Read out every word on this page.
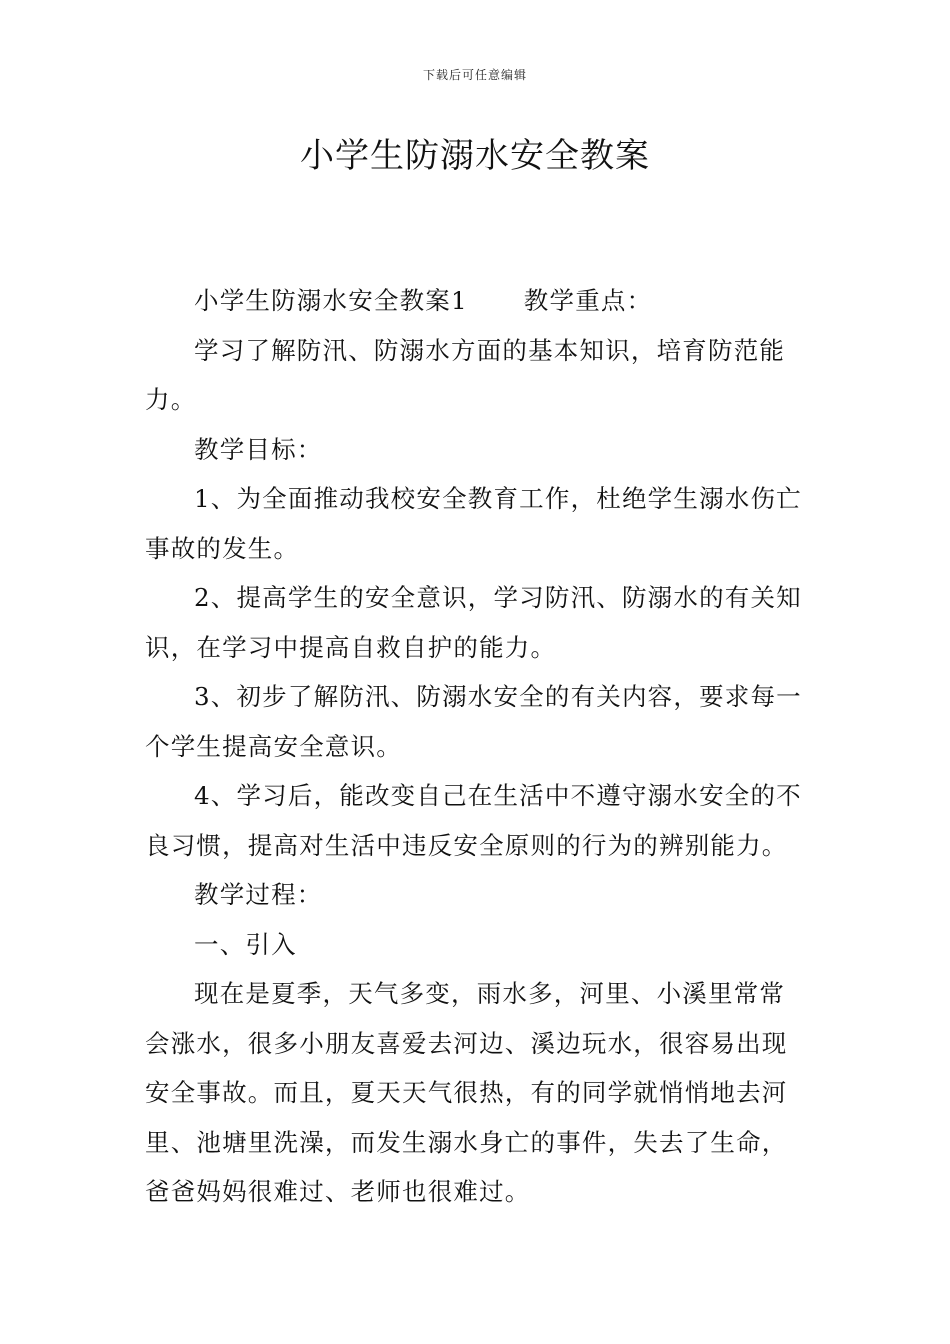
下载后可任意编辑
小学生防溺水安全教案

小学生防溺水安全教案1 教学重点：

学习了解防汛、防溺水方面的基本知识，培育防范能力。

教学目标：

1、为全面推动我校安全教育工作，杜绝学生溺水伤亡事故的发生。

2、提高学生的安全意识，学习防汛、防溺水的有关知识，在学习中提高自救自护的能力。

3、初步了解防汛、防溺水安全的有关内容，要求每一个学生提高安全意识。

4、学习后，能改变自己在生活中不遵守溺水安全的不良习惯，提高对生活中违反安全原则的行为的辨别能力。

教学过程：

一、引入

现在是夏季，天气多变，雨水多，河里、小溪里常常会涨水，很多小朋友喜爱去河边、溪边玩水，很容易出现安全事故。而且，夏天天气很热，有的同学就悄悄地去河里、池塘里洗澡，而发生溺水身亡的事件，失去了生命，爸爸妈妈很难过、老师也很难过。
